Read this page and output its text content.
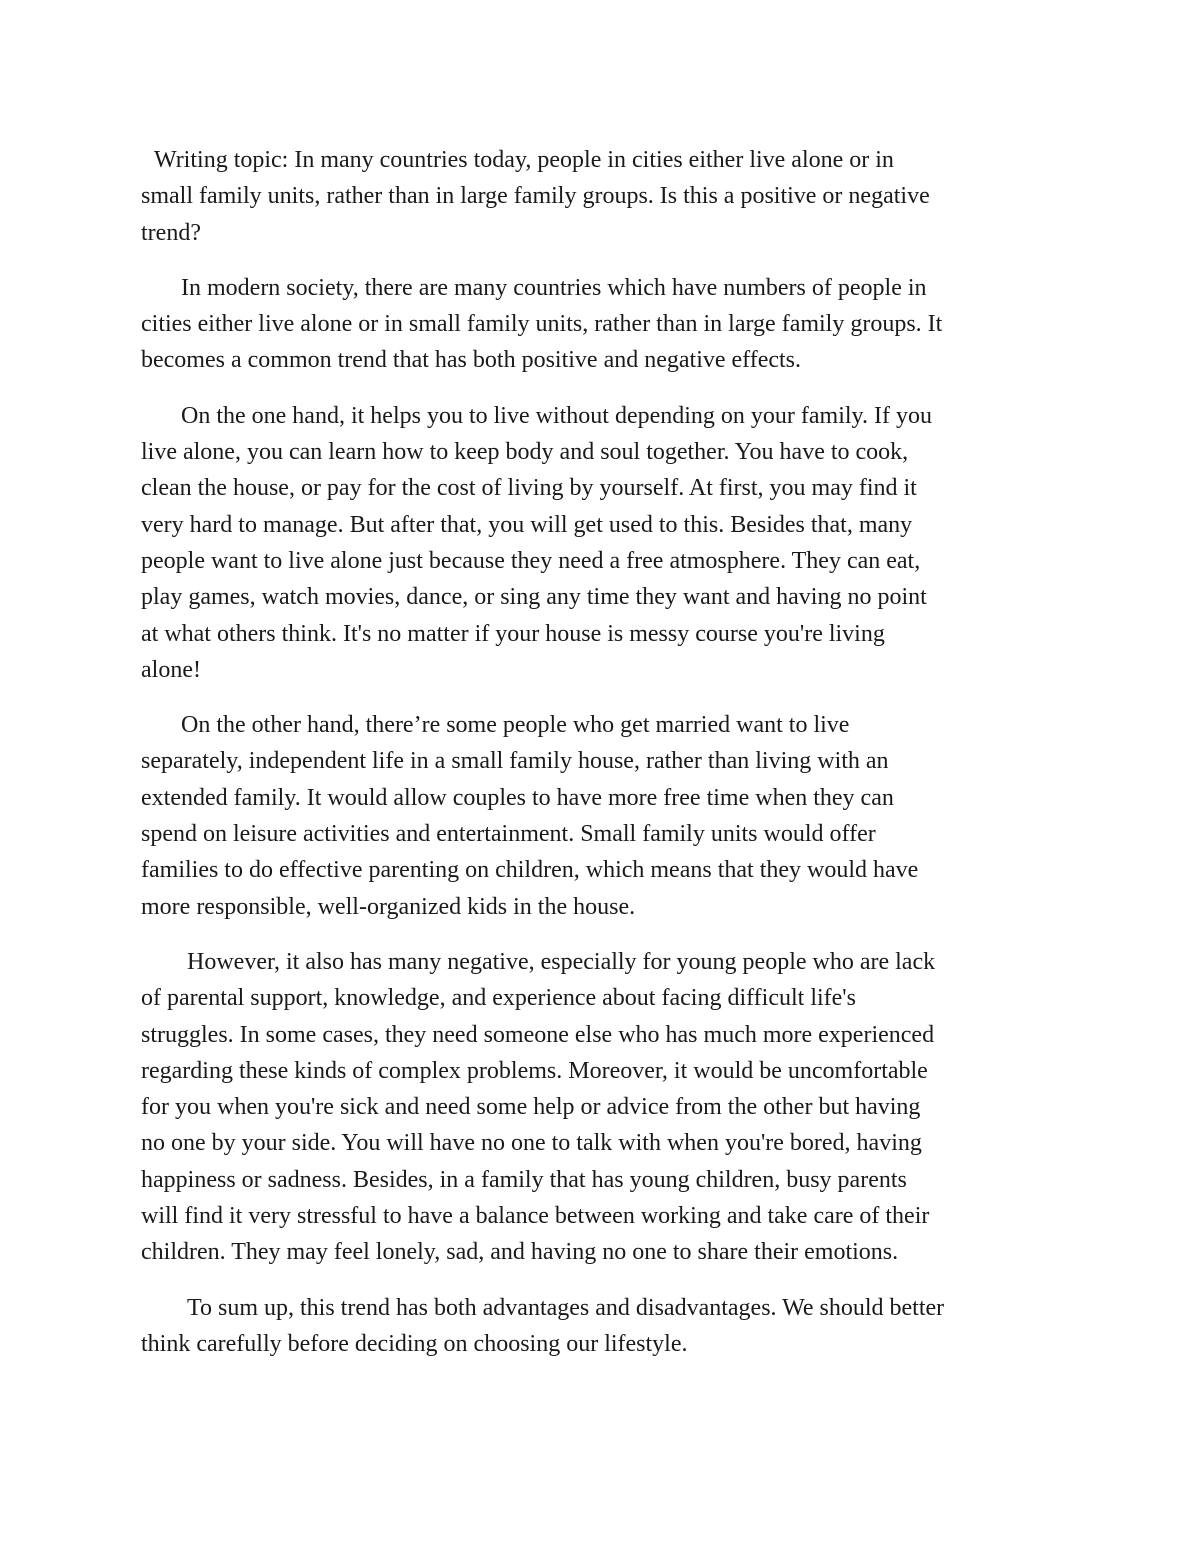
Writing topic: In many countries today, people in cities either live alone or in
small family units, rather than in large family groups. Is this a positive or negative
trend?

In modern society, there are many countries which have numbers of people in
cities either live alone or in small family units, rather than in large family groups. It
becomes a common trend that has both positive and negative effects.

On the one hand, it helps you to live without depending on your family. If you
live alone, you can learn how to keep body and soul together. You have to cook,
clean the house, or pay for the cost of living by yourself. At first, you may find it
very hard to manage. But after that, you will get used to this. Besides that, many
people want to live alone just because they need a free atmosphere. They can eat,
play games, watch movies, dance, or sing any time they want and having no point
at what others think. It's no matter if your house is messy course you're living
alone!

On the other hand, there’re some people who get married want to live
separately, independent life in a small family house, rather than living with an
extended family. It would allow couples to have more free time when they can
spend on leisure activities and entertainment. Small family units would offer
families to do effective parenting on children, which means that they would have
more responsible, well-organized kids in the house.

However, it also has many negative, especially for young people who are lack
of parental support, knowledge, and experience about facing difficult life's
struggles. In some cases, they need someone else who has much more experienced
regarding these kinds of complex problems. Moreover, it would be uncomfortable
for you when you're sick and need some help or advice from the other but having
no one by your side. You will have no one to talk with when you're bored, having
happiness or sadness. Besides, in a family that has young children, busy parents
will find it very stressful to have a balance between working and take care of their
children. They may feel lonely, sad, and having no one to share their emotions.

To sum up, this trend has both advantages and disadvantages. We should better
think carefully before deciding on choosing our lifestyle.
